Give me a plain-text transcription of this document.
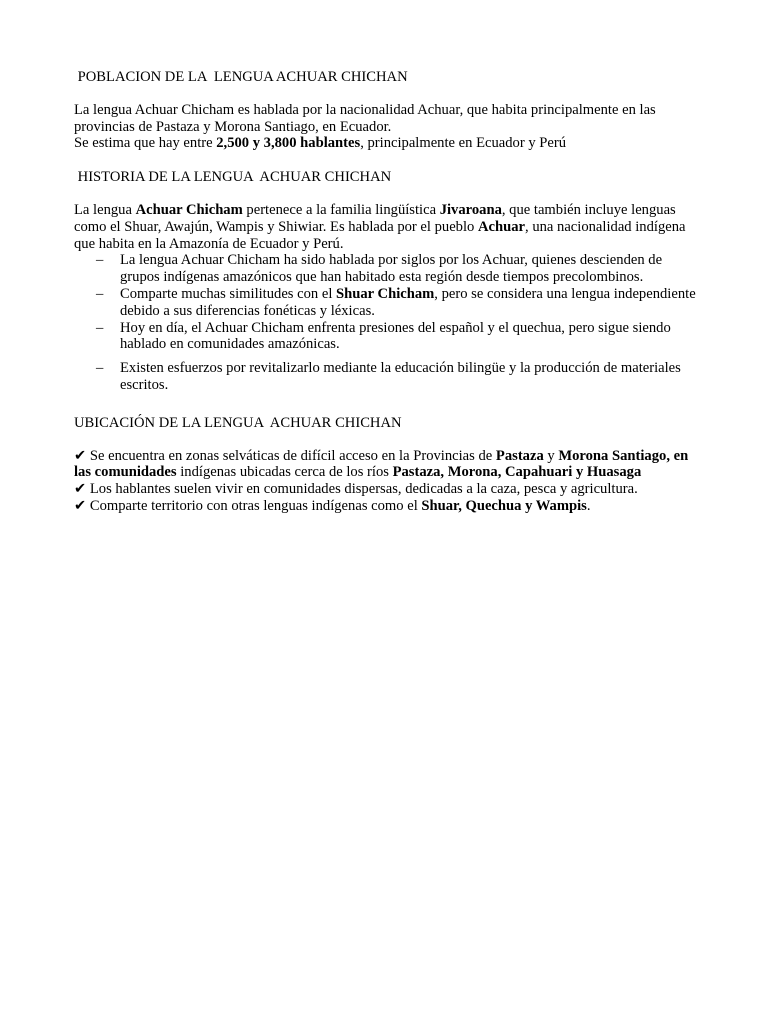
POBLACION DE LA  LENGUA ACHUAR CHICHAN

La lengua Achuar Chicham es hablada por la nacionalidad Achuar, que habita principalmente en las provincias de Pastaza y Morona Santiago, en Ecuador.

Se estima que hay entre 2,500 y 3,800 hablantes, principalmente en Ecuador y Perú

HISTORIA DE LA LENGUA  ACHUAR CHICHAN

La lengua Achuar Chicham pertenece a la familia lingüística Jivaroana, que también incluye lenguas como el Shuar, Awajún, Wampis y Shiwiar. Es hablada por el pueblo Achuar, una nacionalidad indígena que habita en la Amazonía de Ecuador y Perú.

– La lengua Achuar Chicham ha sido hablada por siglos por los Achuar, quienes descienden de grupos indígenas amazónicos que han habitado esta región desde tiempos precolombinos.
– Comparte muchas similitudes con el Shuar Chicham, pero se considera una lengua independiente debido a sus diferencias fonéticas y léxicas.
– Hoy en día, el Achuar Chicham enfrenta presiones del español y el quechua, pero sigue siendo hablado en comunidades amazónicas.
– Existen esfuerzos por revitalizarlo mediante la educación bilingüe y la producción de materiales escritos.
UBICACIÓN DE LA LENGUA  ACHUAR CHICHAN

✔ Se encuentra en zonas selváticas de difícil acceso en la Provincias de Pastaza y Morona Santiago, en las comunidades indígenas ubicadas cerca de los ríos Pastaza, Morona, Capahuari y Huasaga

✔ Los hablantes suelen vivir en comunidades dispersas, dedicadas a la caza, pesca y agricultura.

✔ Comparte territorio con otras lenguas indígenas como el Shuar, Quechua y Wampis.
